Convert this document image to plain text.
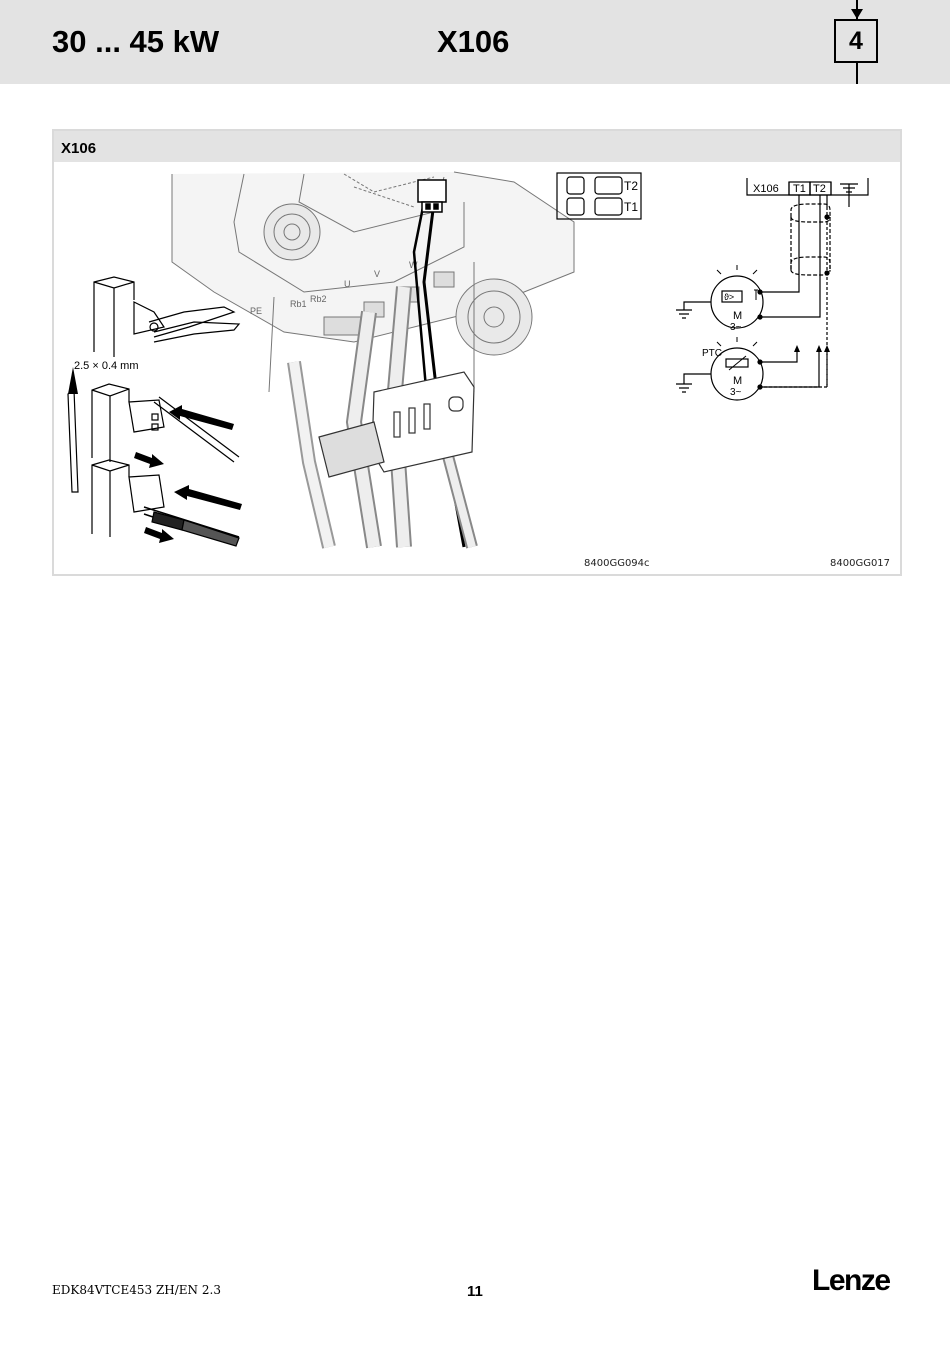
30 ... 45 kW	X106	4
X106
2.5 × 0.4 mm
PE
Rb1 Rb2
U
V
W
T2
T1
X106 T1 T2
ϑ>
M
3~
PTC
M
3~
8400GG094c	8400GG017
EDK84VTCE453 ZH/EN 2.3	11	Lenze
